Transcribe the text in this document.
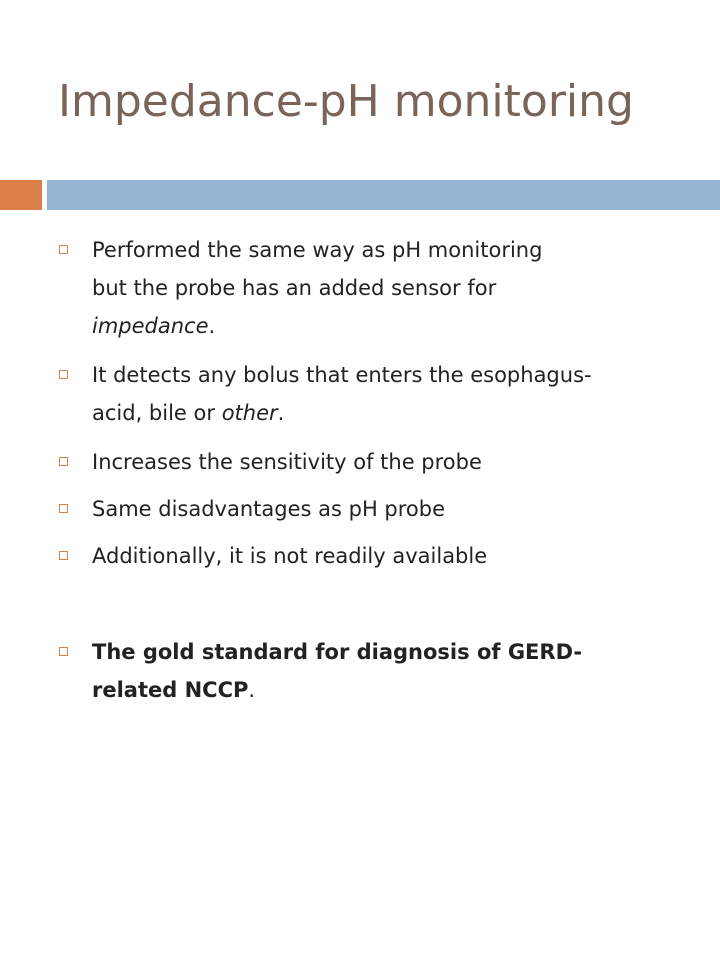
Impedance-pH monitoring
Performed the same way as pH monitoring
but the probe has an added sensor for
impedance.
It detects any bolus that enters the esophagus-
acid, bile or other.
Increases the sensitivity of the probe
Same disadvantages as pH probe
Additionally, it is not readily available
The gold standard for diagnosis of GERD-
related NCCP.
